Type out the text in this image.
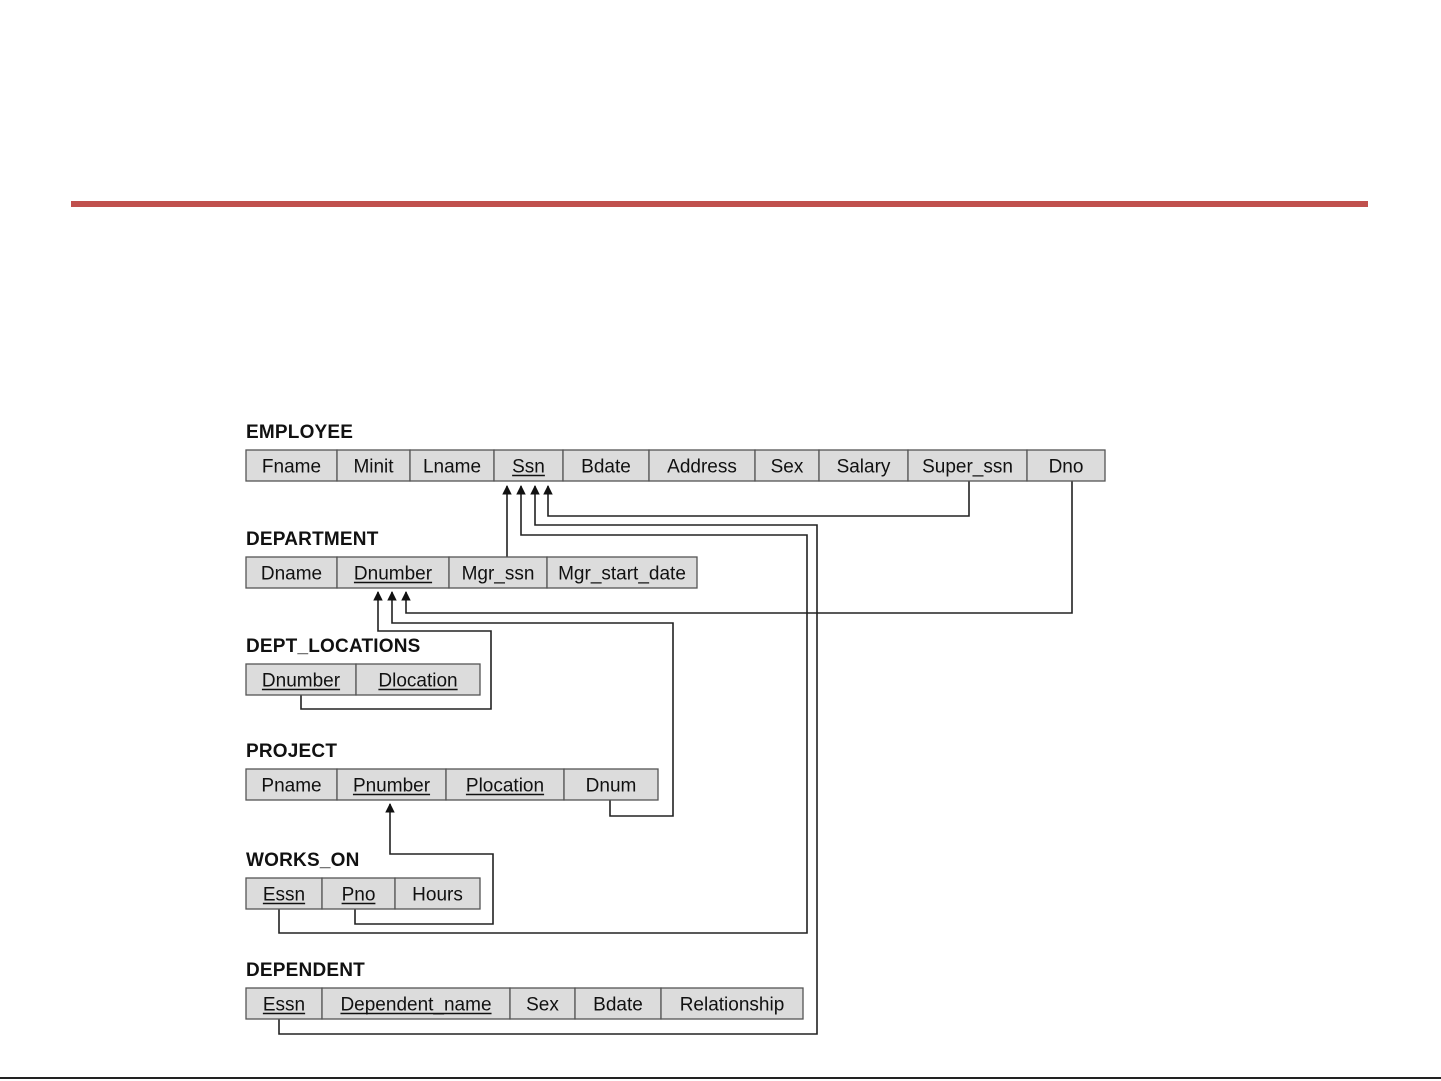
EMPLOYEE
Fname Minit Lname Ssn Bdate Address Sex Salary Super_ssn Dno
DEPARTMENT
Dname Dnumber Mgr_ssn Mgr_start_date
DEPT_LOCATIONS
Dnumber Dlocation
PROJECT
Pname Pnumber Plocation Dnum
WORKS_ON
Essn Pno Hours
DEPENDENT
Essn Dependent_name Sex Bdate Relationship
